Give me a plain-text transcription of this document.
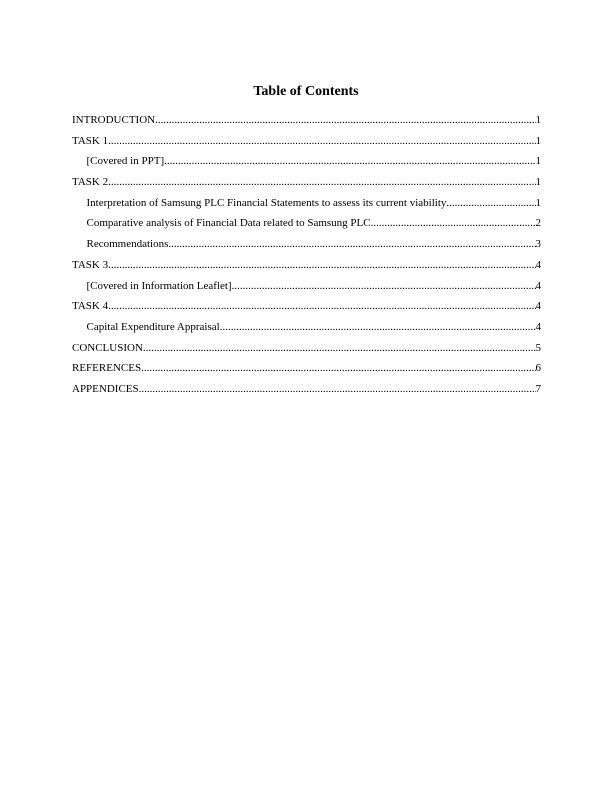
Table of Contents
INTRODUCTION .....	1
TASK 1 .....	1
[Covered in PPT] .....	1
TASK 2 .....	1
Interpretation of Samsung PLC Financial Statements to assess its current viability .....	1
Comparative analysis of Financial Data related to Samsung PLC .....	2
Recommendations .....	3
TASK 3 .....	4
[Covered in Information Leaflet] .....	4
TASK 4 .....	4
Capital Expenditure Appraisal .....	4
CONCLUSION .....	5
REFERENCES .....	6
APPENDICES .....	7
